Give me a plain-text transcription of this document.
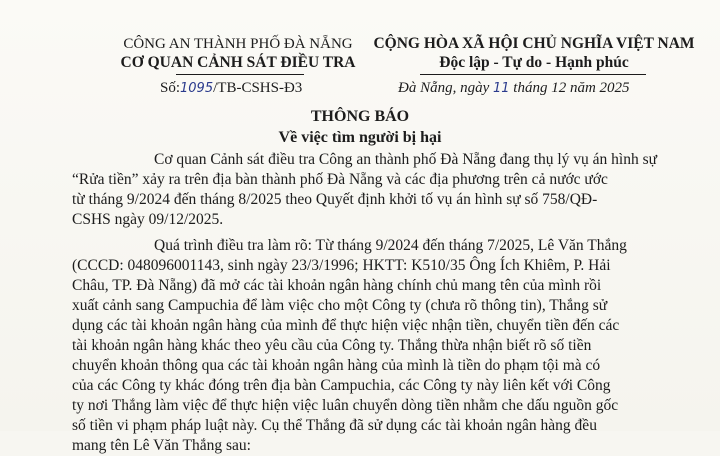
CÔNG AN THÀNH PHỐ ĐÀ NẴNG
CƠ QUAN CẢNH SÁT ĐIỀU TRA
CỘNG HÒA XÃ HỘI CHỦ NGHĨA VIỆT NAM
Độc lập - Tự do - Hạnh phúc
Số:1095/TB-CSHS-Đ3	Đà Nẵng, ngày 11 tháng 12 năm 2025
THÔNG BÁO
Về việc tìm người bị hại
Cơ quan Cảnh sát điều tra Công an thành phố Đà Nẵng đang thụ lý vụ án hình sự
“Rửa tiền” xảy ra trên địa bàn thành phố Đà Nẵng và các địa phương trên cả nước ước
từ tháng 9/2024 đến tháng 8/2025 theo Quyết định khởi tố vụ án hình sự số 758/QĐ-
CSHS ngày 09/12/2025.
Quá trình điều tra làm rõ: Từ tháng 9/2024 đến tháng 7/2025, Lê Văn Thắng
(CCCD: 048096001143, sinh ngày 23/3/1996; HKTT: K510/35 Ông Ích Khiêm, P. Hải
Châu, TP. Đà Nẵng) đã mở các tài khoản ngân hàng chính chủ mang tên của mình rồi
xuất cảnh sang Campuchia để làm việc cho một Công ty (chưa rõ thông tin), Thắng sử
dụng các tài khoản ngân hàng của mình để thực hiện việc nhận tiền, chuyển tiền đến các
tài khoản ngân hàng khác theo yêu cầu của Công ty. Thắng thừa nhận biết rõ số tiền
chuyển khoản thông qua các tài khoản ngân hàng của mình là tiền do phạm tội mà có
của các Công ty khác đóng trên địa bàn Campuchia, các Công ty này liên kết với Công
ty nơi Thắng làm việc để thực hiện việc luân chuyển dòng tiền nhằm che dấu nguồn gốc
số tiền vi phạm pháp luật này. Cụ thể Thắng đã sử dụng các tài khoản ngân hàng đều
mang tên Lê Văn Thắng sau:
